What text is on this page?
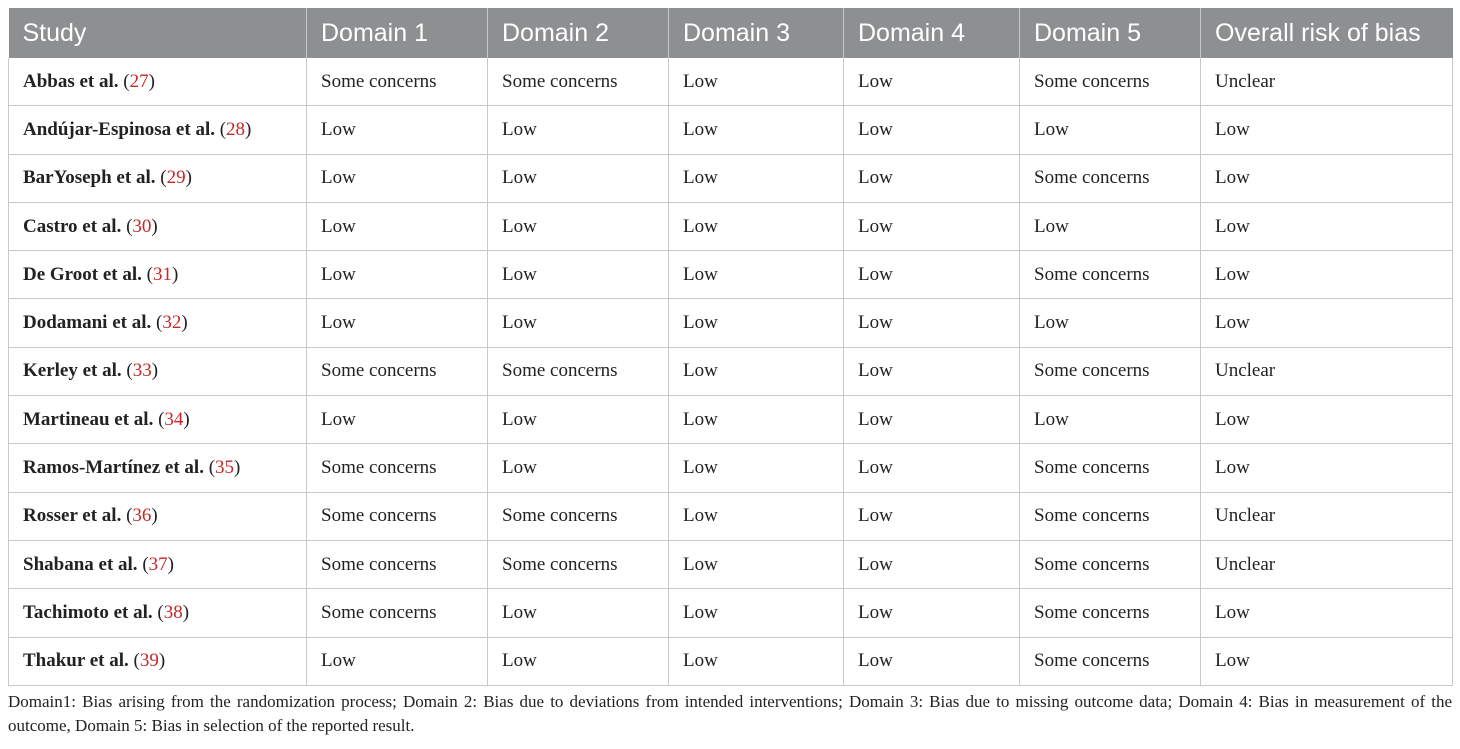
Study	Domain 1	Domain 2	Domain 3	Domain 4	Domain 5	Overall risk of bias
Abbas et al. (27)	Some concerns	Some concerns	Low	Low	Some concerns	Unclear
Andújar-Espinosa et al. (28)	Low	Low	Low	Low	Low	Low
BarYoseph et al. (29)	Low	Low	Low	Low	Some concerns	Low
Castro et al. (30)	Low	Low	Low	Low	Low	Low
De Groot et al. (31)	Low	Low	Low	Low	Some concerns	Low
Dodamani et al. (32)	Low	Low	Low	Low	Low	Low
Kerley et al. (33)	Some concerns	Some concerns	Low	Low	Some concerns	Unclear
Martineau et al. (34)	Low	Low	Low	Low	Low	Low
Ramos-Martínez et al. (35)	Some concerns	Low	Low	Low	Some concerns	Low
Rosser et al. (36)	Some concerns	Some concerns	Low	Low	Some concerns	Unclear
Shabana et al. (37)	Some concerns	Some concerns	Low	Low	Some concerns	Unclear
Tachimoto et al. (38)	Some concerns	Low	Low	Low	Some concerns	Low
Thakur et al. (39)	Low	Low	Low	Low	Some concerns	Low
Domain1: Bias arising from the randomization process; Domain 2: Bias due to deviations from intended interventions; Domain 3: Bias due to missing outcome data; Domain 4: Bias in measurement of the outcome, Domain 5: Bias in selection of the reported result.
